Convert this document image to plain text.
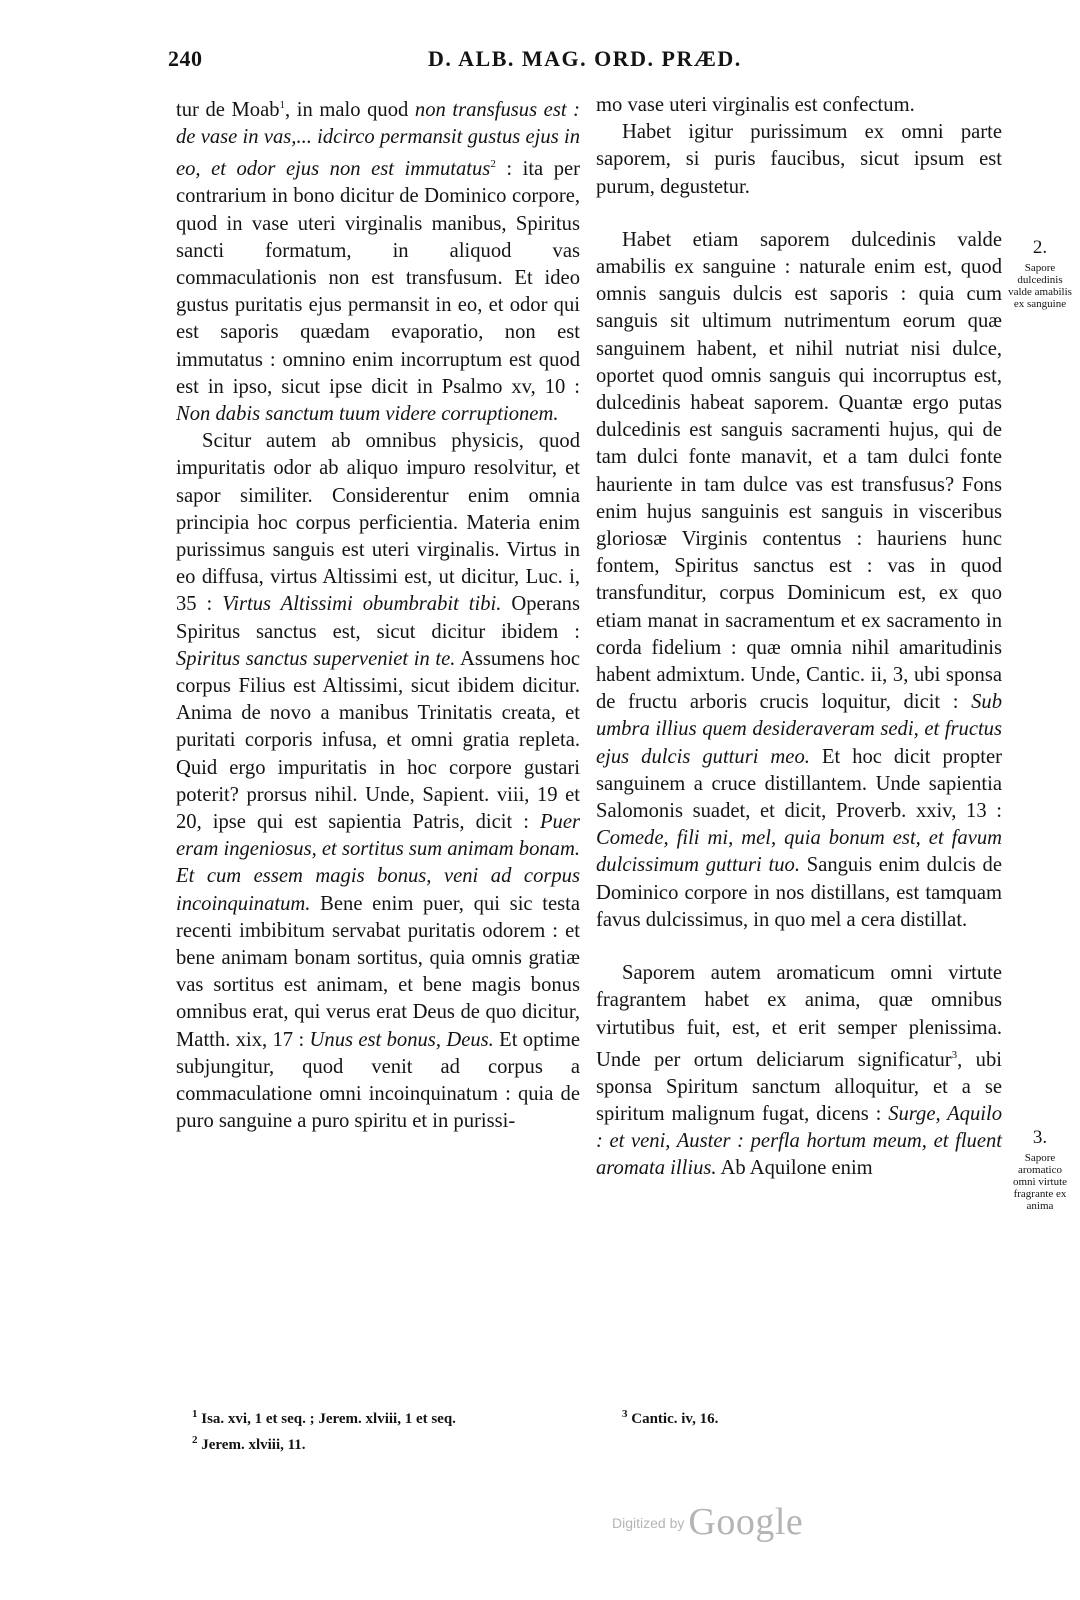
240	D. ALB. MAG. ORD. PRÆD.

tur de Moab$^1$, in malo quod non transfusus est : de vase in vas,... idcirco permansit gustus ejus in eo, et odor ejus non est immutatus$^2$ : ita per contrarium in bono dicitur de Dominico corpore, quod in vase uteri virginalis manibus, Spiritus sancti formatum, in aliquod vas commaculationis non est transfusum. Et ideo gustus puritatis ejus permansit in eo, et odor qui est saporis quædam evaporatio, non est immutatus : omnino enim incorruptum est quod est in ipso, sicut ipse dicit in Psalmo xv, 10 : Non dabis sanctum tuum videre corruptionem.

Scitur autem ab omnibus physicis, quod impuritatis odor ab aliquo impuro resolvitur, et sapor similiter. Considerentur enim omnia principia hoc corpus perficientia. Materia enim purissimus sanguis est uteri virginalis. Virtus in eo diffusa, virtus Altissimi est, ut dicitur, Luc. i, 35 : Virtus Altissimi obumbrabit tibi. Operans Spiritus sanctus est, sicut dicitur ibidem : Spiritus sanctus superveniet in te. Assumens hoc corpus Filius est Altissimi, sicut ibidem dicitur. Anima de novo a manibus Trinitatis creata, et puritati corporis infusa, et omni gratia repleta. Quid ergo impuritatis in hoc corpore gustari poterit? prorsus nihil. Unde, Sapient. viii, 19 et 20, ipse qui est sapientia Patris, dicit : Puer eram ingeniosus, et sortitus sum animam bonam. Et cum essem magis bonus, veni ad corpus incoinquinatum. Bene enim puer, qui sic testa recenti imbibitum servabat puritatis odorem : et bene animam bonam sortitus, quia omnis gratiæ vas sortitus est animam, et bene magis bonus omnibus erat, qui verus erat Deus de quo dicitur, Matth. xix, 17 : Unus est bonus, Deus. Et optime subjungitur, quod venit ad corpus a commaculatione omni incoinquinatum : quia de puro sanguine a puro spiritu et in purissi-

mo vase uteri virginalis est confectum.

Habet igitur purissimum ex omni parte saporem, si puris faucibus, sicut ipsum est purum, degustetur.

Habet etiam saporem dulcedinis valde amabilis ex sanguine : naturale enim est, quod omnis sanguis dulcis est saporis : quia cum sanguis sit ultimum nutrimentum eorum quæ sanguinem habent, et nihil nutriat nisi dulce, oportet quod omnis sanguis qui incorruptus est, dulcedinis habeat saporem. Quantæ ergo putas dulcedinis est sanguis sacramenti hujus, qui de tam dulci fonte manavit, et a tam dulci fonte hauriente in tam dulce vas est transfusus? Fons enim hujus sanguinis est sanguis in visceribus gloriosæ Virginis contentus : hauriens hunc fontem, Spiritus sanctus est : vas in quod transfunditur, corpus Dominicum est, ex quo etiam manat in sacramentum et ex sacramento in corda fidelium : quæ omnia nihil amaritudinis habent admixtum. Unde, Cantic. ii, 3, ubi sponsa de fructu arboris crucis loquitur, dicit : Sub umbra illius quem desideraveram sedi, et fructus ejus dulcis gutturi meo. Et hoc dicit propter sanguinem a cruce distillantem. Unde sapientia Salomonis suadet, et dicit, Proverb. xxiv, 13 : Comede, fili mi, mel, quia bonum est, et favum dulcissimum gutturi tuo. Sanguis enim dulcis de Dominico corpore in nos distillans, est tamquam favus dulcissimus, in quo mel a cera distillat.

Saporem autem aromaticum omni virtute fragrantem habet ex anima, quæ omnibus virtutibus fuit, est, et erit semper plenissima. Unde per ortum deliciarum significatur$^3$, ubi sponsa Spiritum sanctum alloquitur, et a se spiritum malignum fugat, dicens : Surge, Aquilo : et veni, Auster : perfla hortum meum, et fluent aromata illius. Ab Aquilone enim

2.
Sapore dulcedinis valde amabilis ex sanguine
3.
Sapore aromatico omni virtute fragrante ex anima

$^1$ Isa. xvi, 1 et seq. ; Jerem. xlviii, 1 et seq.

$^2$ Jerem. xlviii, 11.

$^3$ Cantic. iv, 16.

Digitized by Google
